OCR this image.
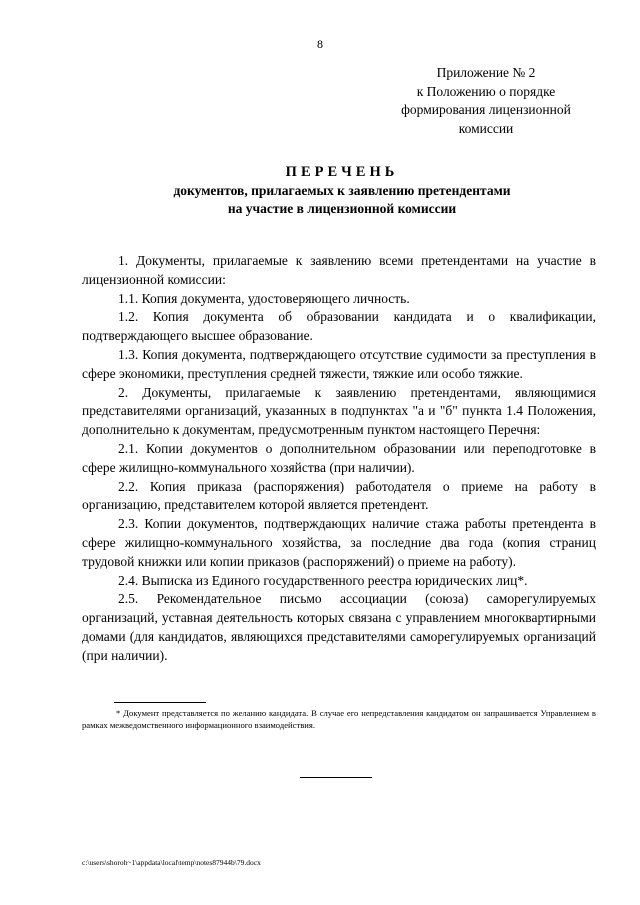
8
Приложение № 2
к Положению о порядке
формирования лицензионной
комиссии
ПЕРЕЧЕНЬ
документов, прилагаемых к заявлению претендентами
на участие в лицензионной комиссии

1. Документы, прилагаемые к заявлению всеми претендентами на участие в лицензионной комиссии:

1.1. Копия документа, удостоверяющего личность.

1.2. Копия документа об образовании кандидата и о квалификации, подтверждающего высшее образование.

1.3. Копия документа, подтверждающего отсутствие судимости за преступления в сфере экономики, преступления средней тяжести, тяжкие или особо тяжкие.

2. Документы, прилагаемые к заявлению претендентами, являющимися представителями организаций, указанных в подпунктах "а и "б" пункта 1.4 Положения, дополнительно к документам, предусмотренным пунктом настоящего Перечня:

2.1. Копии документов о дополнительном образовании или переподготовке в сфере жилищно-коммунального хозяйства (при наличии).

2.2. Копия приказа (распоряжения) работодателя о приеме на работу в организацию, представителем которой является претендент.

2.3. Копии документов, подтверждающих наличие стажа работы претендента в сфере жилищно-коммунального хозяйства, за последние два года (копия страниц трудовой книжки или копии приказов (распоряжений) о приеме на работу).

2.4. Выписка из Единого государственного реестра юридических лиц*.

2.5. Рекомендательное письмо ассоциации (союза) саморегулируемых организаций, уставная деятельность которых связана с управлением многоквартирными домами (для кандидатов, являющихся представителями саморегулируемых организаций (при наличии).

* Документ представляется по желанию кандидата. В случае его непредставления кандидатом он запрашивается Управлением в рамках межведомственного информационного взаимодействия.
c:\users\shoroh~1\appdata\local\temp\notes87944b\79.docx
